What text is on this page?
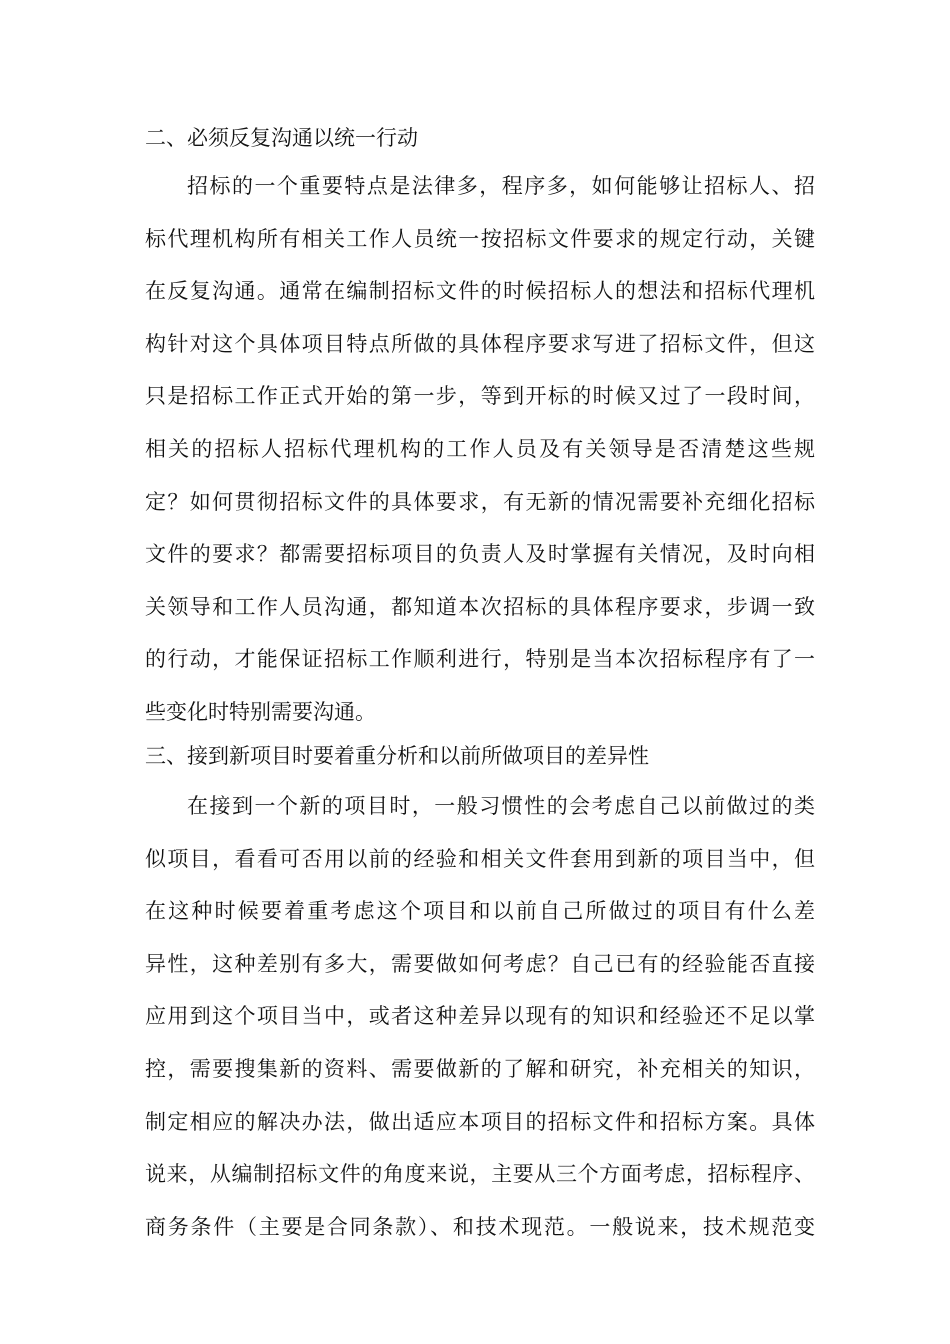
二、必须反复沟通以统一行动
招标的一个重要特点是法律多，程序多，如何能够让招标人、招
标代理机构所有相关工作人员统一按招标文件要求的规定行动，关键
在反复沟通。通常在编制招标文件的时候招标人的想法和招标代理机
构针对这个具体项目特点所做的具体程序要求写进了招标文件，但这
只是招标工作正式开始的第一步，等到开标的时候又过了一段时间，
相关的招标人招标代理机构的工作人员及有关领导是否清楚这些规
定？如何贯彻招标文件的具体要求，有无新的情况需要补充细化招标
文件的要求？都需要招标项目的负责人及时掌握有关情况，及时向相
关领导和工作人员沟通，都知道本次招标的具体程序要求，步调一致
的行动，才能保证招标工作顺利进行，特别是当本次招标程序有了一
些变化时特别需要沟通。
三、接到新项目时要着重分析和以前所做项目的差异性
在接到一个新的项目时，一般习惯性的会考虑自己以前做过的类
似项目，看看可否用以前的经验和相关文件套用到新的项目当中，但
在这种时候要着重考虑这个项目和以前自己所做过的项目有什么差
异性，这种差别有多大，需要做如何考虑？自己已有的经验能否直接
应用到这个项目当中，或者这种差异以现有的知识和经验还不足以掌
控，需要搜集新的资料、需要做新的了解和研究，补充相关的知识，
制定相应的解决办法，做出适应本项目的招标文件和招标方案。具体
说来，从编制招标文件的角度来说，主要从三个方面考虑，招标程序、
商务条件（主要是合同条款）、和技术现范。一般说来，技术规范变
